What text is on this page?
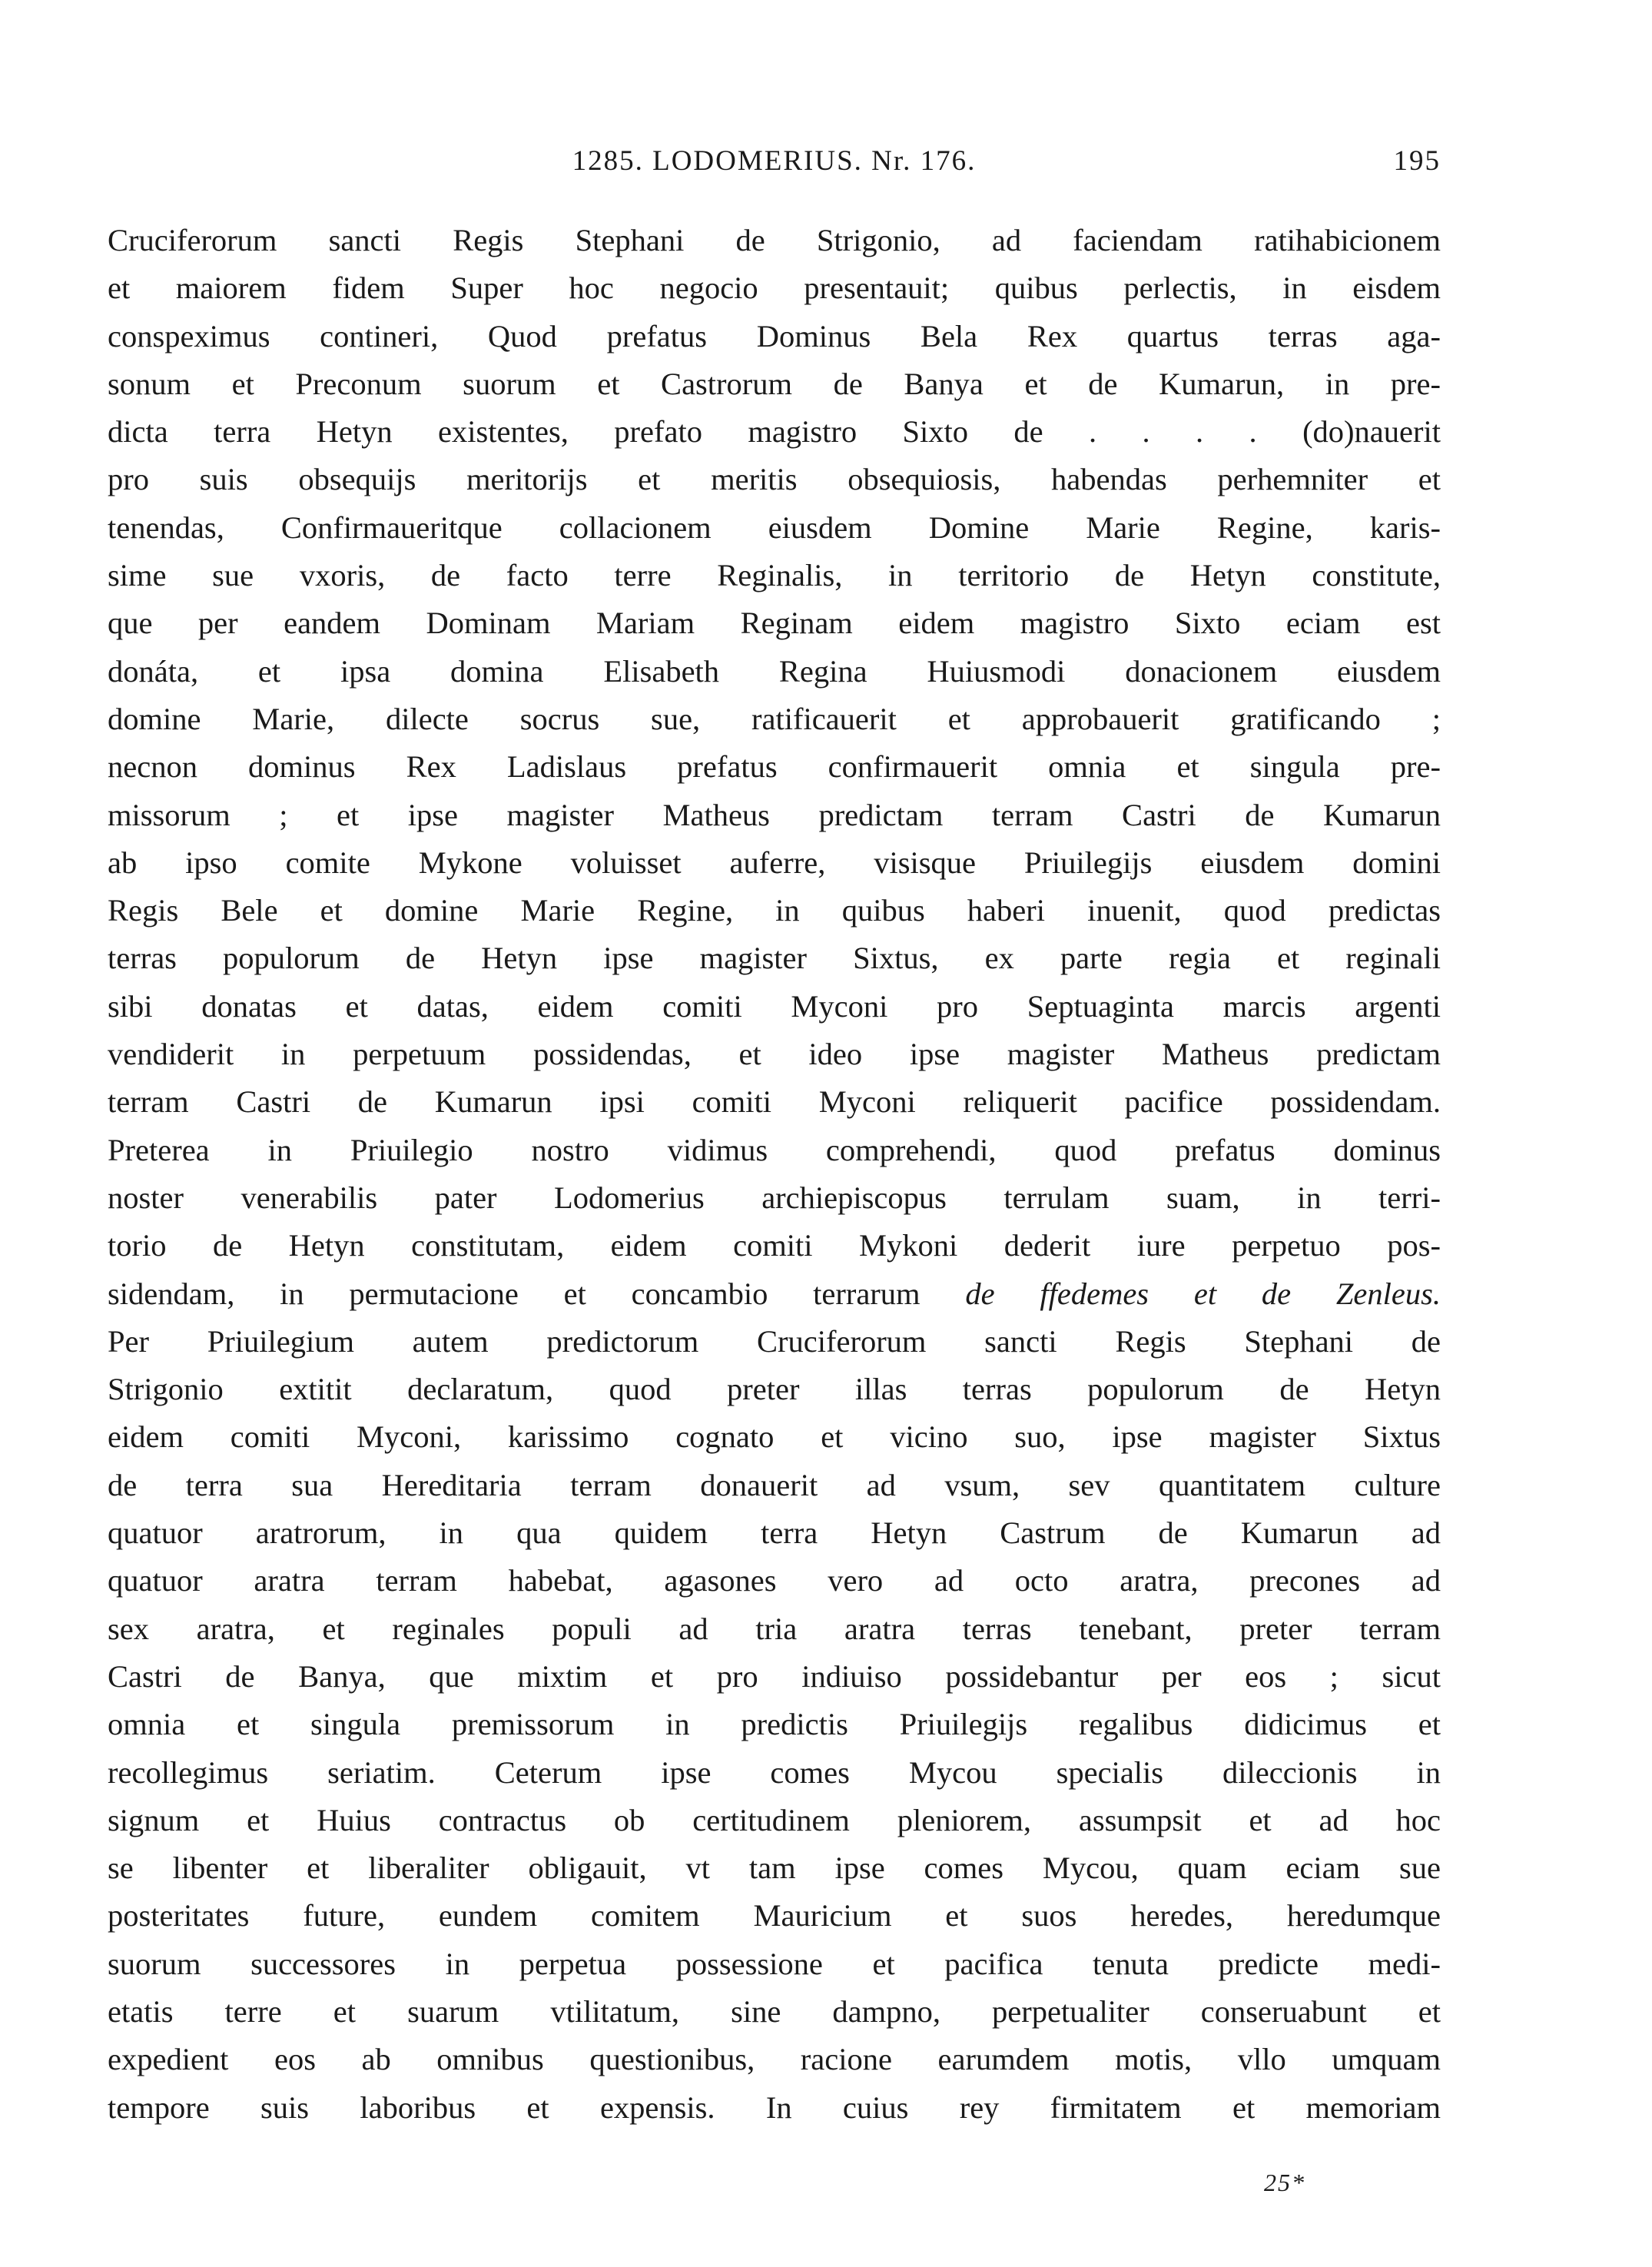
1285. LODOMERIUS. Nr. 176.	195
Cruciferorum sancti Regis Stephani de Strigonio, ad faciendam ratihabicionem
et maiorem fidem Super hoc negocio presentauit; quibus perlectis, in eisdem
conspeximus contineri, Quod prefatus Dominus Bela Rex quartus terras aga-
sonum et Preconum suorum et Castrorum de Banya et de Kumarun, in pre-
dicta terra Hetyn existentes, prefato magistro Sixto de . . . . (do)nauerit
pro suis obsequijs meritorijs et meritis obsequiosis, habendas perhemniter et
tenendas, Confirmaueritque collacionem eiusdem Domine Marie Regine, karis-
sime sue vxoris, de facto terre Reginalis, in territorio de Hetyn constitute,
que per eandem Dominam Mariam Reginam eidem magistro Sixto eciam est
donáta, et ipsa domina Elisabeth Regina Huiusmodi donacionem eiusdem
domine Marie, dilecte socrus sue, ratificauerit et approbauerit gratificando ;
necnon dominus Rex Ladislaus prefatus confirmauerit omnia et singula pre-
missorum ; et ipse magister Matheus predictam terram Castri de Kumarun
ab ipso comite Mykone voluisset auferre, visisque Priuilegijs eiusdem domini
Regis Bele et domine Marie Regine, in quibus haberi inuenit, quod predictas
terras populorum de Hetyn ipse magister Sixtus, ex parte regia et reginali
sibi donatas et datas, eidem comiti Myconi pro Septuaginta marcis argenti
vendiderit in perpetuum possidendas, et ideo ipse magister Matheus predictam
terram Castri de Kumarun ipsi comiti Myconi reliquerit pacifice possidendam.
Preterea in Priuilegio nostro vidimus comprehendi, quod prefatus dominus
noster venerabilis pater Lodomerius archiepiscopus terrulam suam, in terri-
torio de Hetyn constitutam, eidem comiti Mykoni dederit iure perpetuo pos-
sidendam, in permutacione et concambio terrarum de ffedemes et de Zenleus.
Per Priuilegium autem predictorum Cruciferorum sancti Regis Stephani de
Strigonio extitit declaratum, quod preter illas terras populorum de Hetyn
eidem comiti Myconi, karissimo cognato et vicino suo, ipse magister Sixtus
de terra sua Hereditaria terram donauerit ad vsum, sev quantitatem culture
quatuor aratrorum, in qua quidem terra Hetyn Castrum de Kumarun ad
quatuor aratra terram habebat, agasones vero ad octo aratra, precones ad
sex aratra, et reginales populi ad tria aratra terras tenebant, preter terram
Castri de Banya, que mixtim et pro indiuiso possidebantur per eos ; sicut
omnia et singula premissorum in predictis Priuilegijs regalibus didicimus et
recollegimus seriatim. Ceterum ipse comes Mycou specialis dileccionis in
signum et Huius contractus ob certitudinem pleniorem, assumpsit et ad hoc
se libenter et liberaliter obligauit, vt tam ipse comes Mycou, quam eciam sue
posteritates future, eundem comitem Mauricium et suos heredes, heredumque
suorum successores in perpetua possessione et pacifica tenuta predicte medi-
etatis terre et suarum vtilitatum, sine dampno, perpetualiter conseruabunt et
expedient eos ab omnibus questionibus, racione earumdem motis, vllo umquam
tempore suis laboribus et expensis. In cuius rey firmitatem et memoriam
25*
